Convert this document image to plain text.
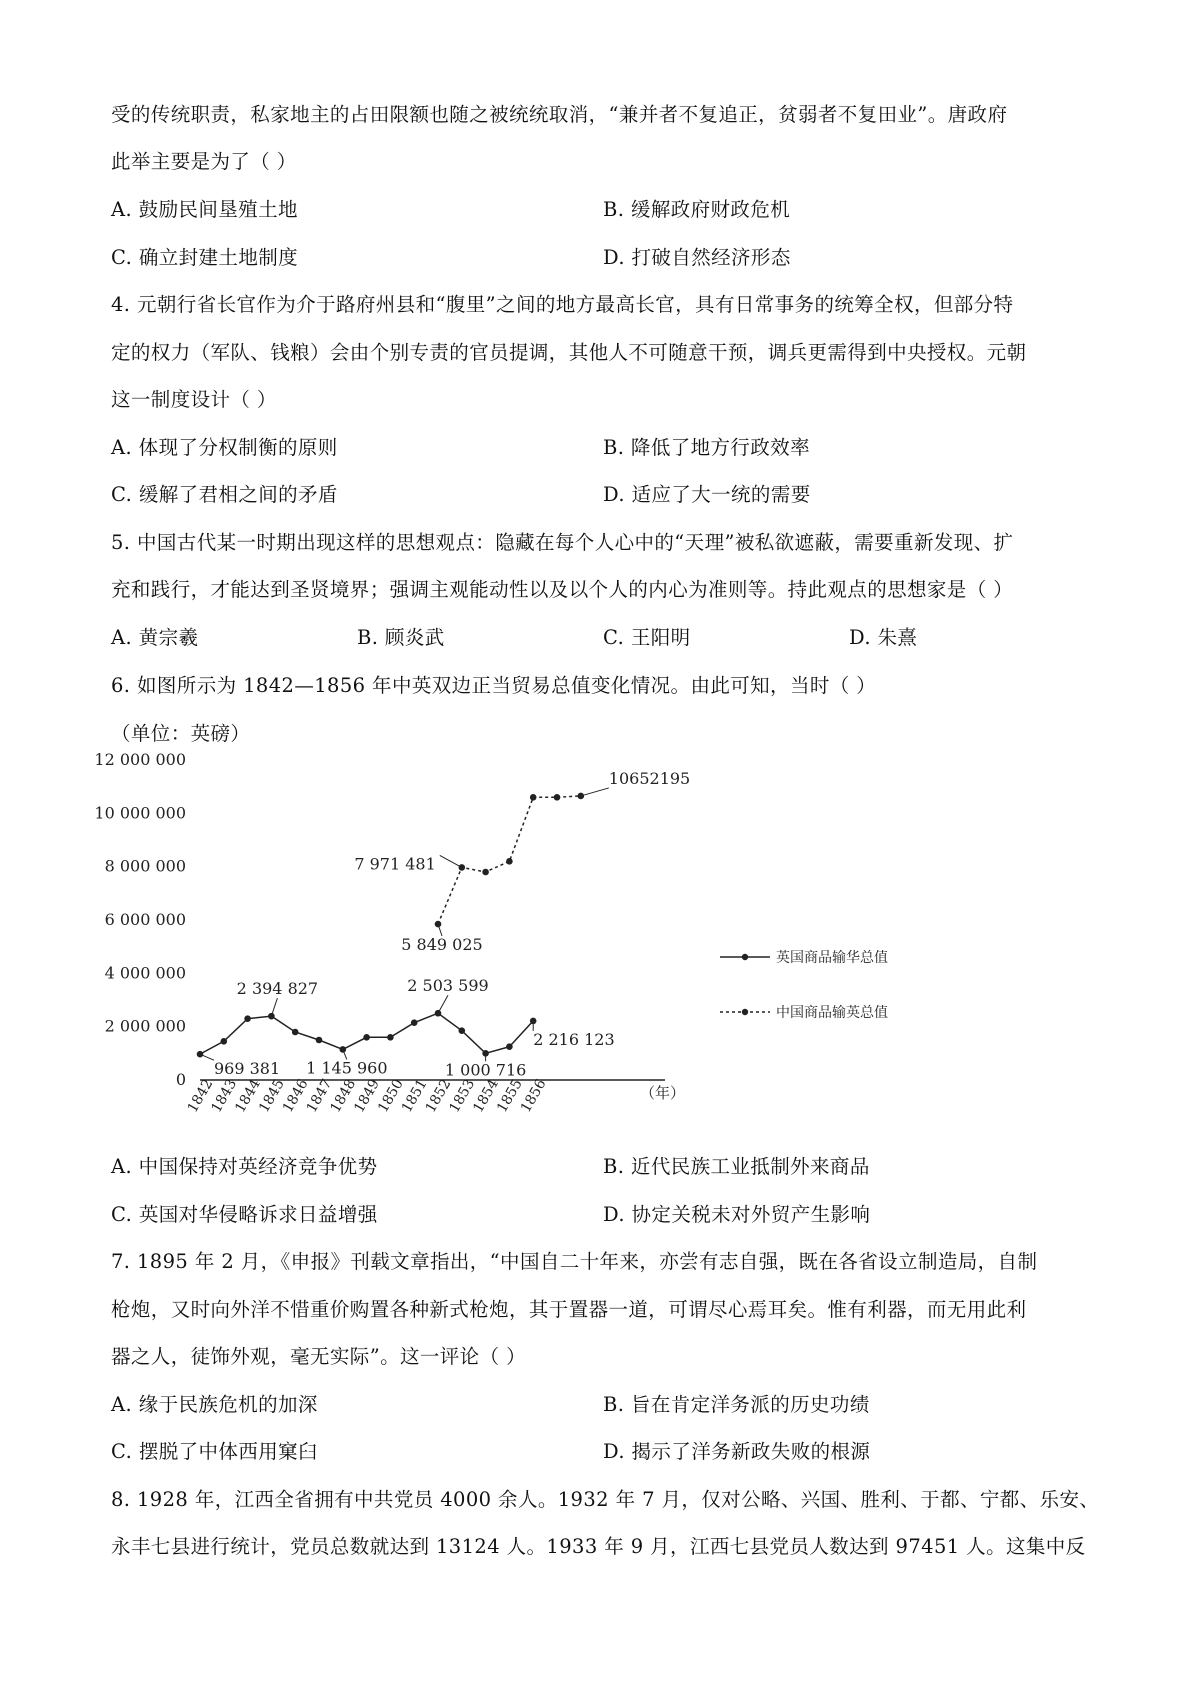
受的传统职责，私家地主的占田限额也随之被统统取消，“兼并者不复追正，贫弱者不复田业”。唐政府
此举主要是为了（ ）
A. 鼓励民间垦殖土地	B. 缓解政府财政危机
C. 确立封建土地制度	D. 打破自然经济形态
4. 元朝行省长官作为介于路府州县和“腹里”之间的地方最高长官，具有日常事务的统筹全权，但部分特
定的权力（军队、钱粮）会由个别专责的官员提调，其他人不可随意干预，调兵更需得到中央授权。元朝
这一制度设计（ ）
A. 体现了分权制衡的原则	B. 降低了地方行政效率
C. 缓解了君相之间的矛盾	D. 适应了大一统的需要
5. 中国古代某一时期出现这样的思想观点：隐藏在每个人心中的“天理”被私欲遮蔽，需要重新发现、扩
充和践行，才能达到圣贤境界；强调主观能动性以及以个人的内心为准则等。持此观点的思想家是（ ）
A. 黄宗羲	B. 顾炎武	C. 王阳明	D. 朱熹
6. 如图所示为 1842—1856 年中英双边正当贸易总值变化情况。由此可知，当时（ ）
（单位：英磅）
12 000 000
10 000 000
8 000 000
6 000 000
4 000 000
2 000 000
0
1842
1843
1844
1845
1846
1847
1848
1849
1850
1851
1852
1853
1854
1855
1856	（年）
969 381
2 394 827
1 145 960
2 503 599
1 000 716
2 216 123
5 849 025
7 971 481
10652195
英国商品输华总值
中国商品输英总值
A. 中国保持对英经济竞争优势	B. 近代民族工业抵制外来商品
C. 英国对华侵略诉求日益增强	D. 协定关税未对外贸产生影响
7. 1895 年 2 月，《申报》刊载文章指出，“中国自二十年来，亦尝有志自强，既在各省设立制造局，自制
枪炮，又时向外洋不惜重价购置各种新式枪炮，其于置器一道，可谓尽心焉耳矣。惟有利器，而无用此利
器之人，徒饰外观，毫无实际”。这一评论（ ）
A. 缘于民族危机的加深	B. 旨在肯定洋务派的历史功绩
C. 摆脱了中体西用窠臼	D. 揭示了洋务新政失败的根源
8. 1928 年，江西全省拥有中共党员 4000 余人。1932 年 7 月，仅对公略、兴国、胜利、于都、宁都、乐安、
永丰七县进行统计，党员总数就达到 13124 人。1933 年 9 月，江西七县党员人数达到 97451 人。这集中反
